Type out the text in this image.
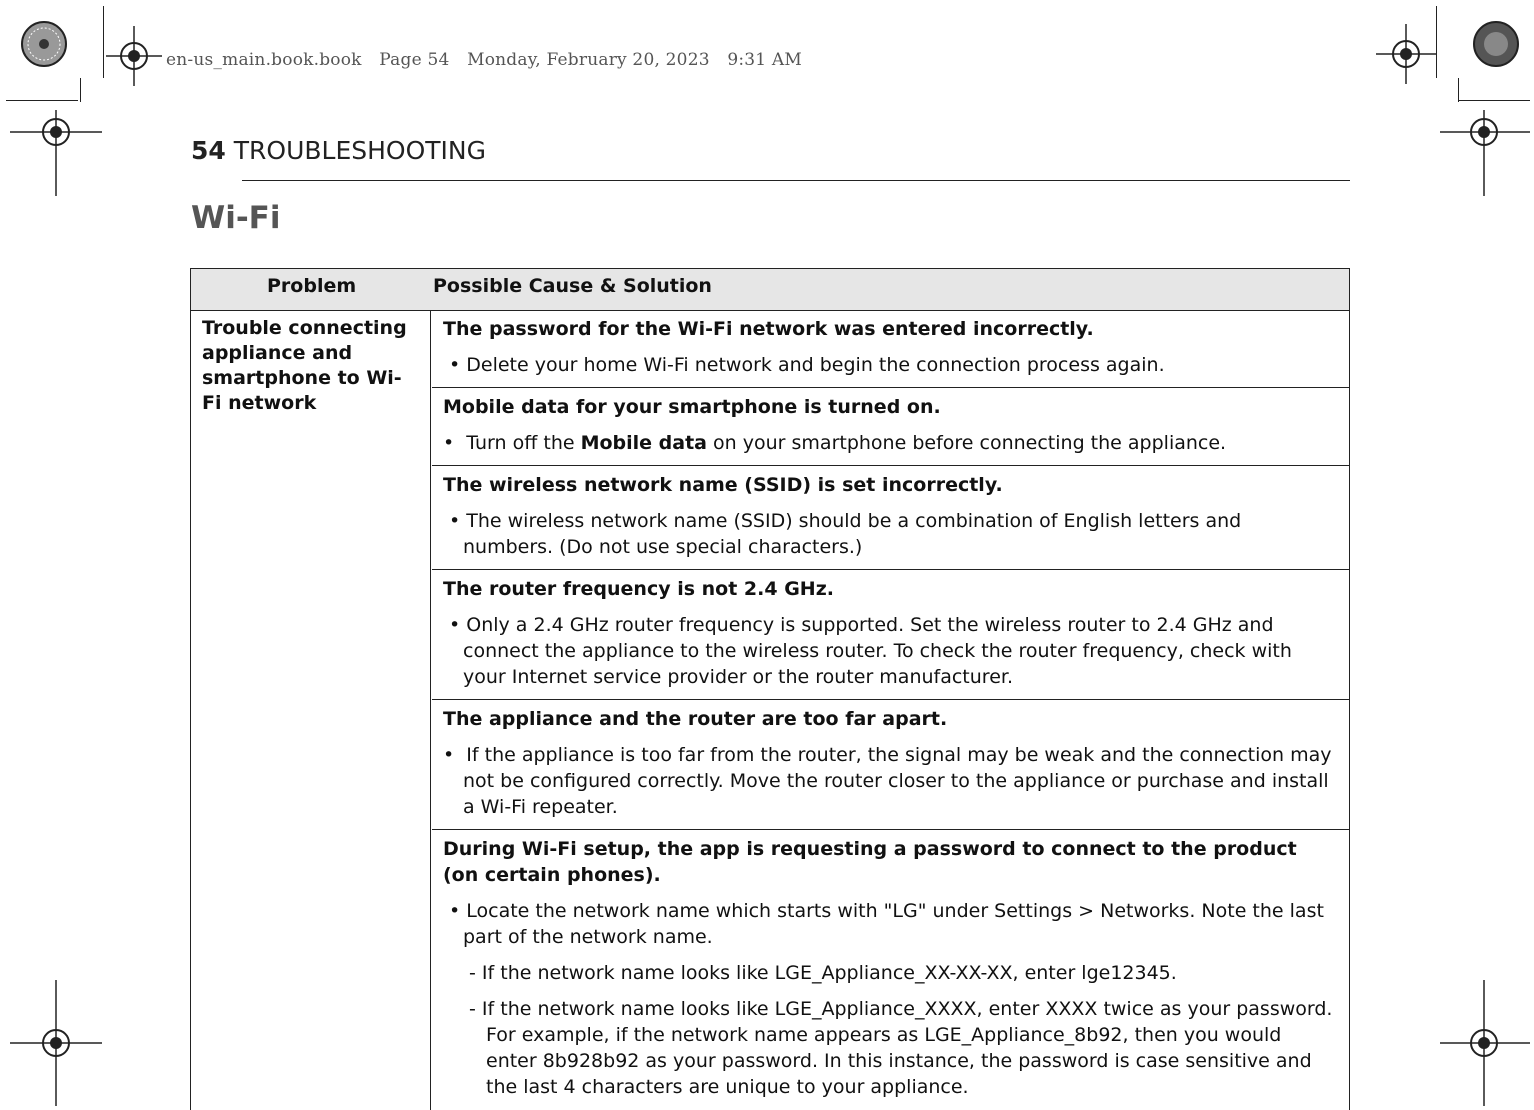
en-us_main.book.book Page 54 Monday, February 20, 2023 9:31 AM
54 TROUBLESHOOTING
Wi-Fi
Problem	Possible Cause & Solution
Trouble connecting appliance and smartphone to Wi-Fi network
The password for the Wi-Fi network was entered incorrectly.
• Delete your home Wi-Fi network and begin the connection process again.
Mobile data for your smartphone is turned on.
•  Turn off the Mobile data on your smartphone before connecting the appliance.
The wireless network name (SSID) is set incorrectly.
• The wireless network name (SSID) should be a combination of English letters and numbers. (Do not use special characters.)
The router frequency is not 2.4 GHz.
• Only a 2.4 GHz router frequency is supported. Set the wireless router to 2.4 GHz and connect the appliance to the wireless router. To check the router frequency, check with your Internet service provider or the router manufacturer.
The appliance and the router are too far apart.
•  If the appliance is too far from the router, the signal may be weak and the connection may not be configured correctly. Move the router closer to the appliance or purchase and install a Wi-Fi repeater.
During Wi-Fi setup, the app is requesting a password to connect to the product (on certain phones).
• Locate the network name which starts with "LG" under Settings > Networks. Note the last part of the network name.
- If the network name looks like LGE_Appliance_XX-XX-XX, enter lge12345.
- If the network name looks like LGE_Appliance_XXXX, enter XXXX twice as your password. For example, if the network name appears as LGE_Appliance_8b92, then you would enter 8b928b92 as your password. In this instance, the password is case sensitive and the last 4 characters are unique to your appliance.
